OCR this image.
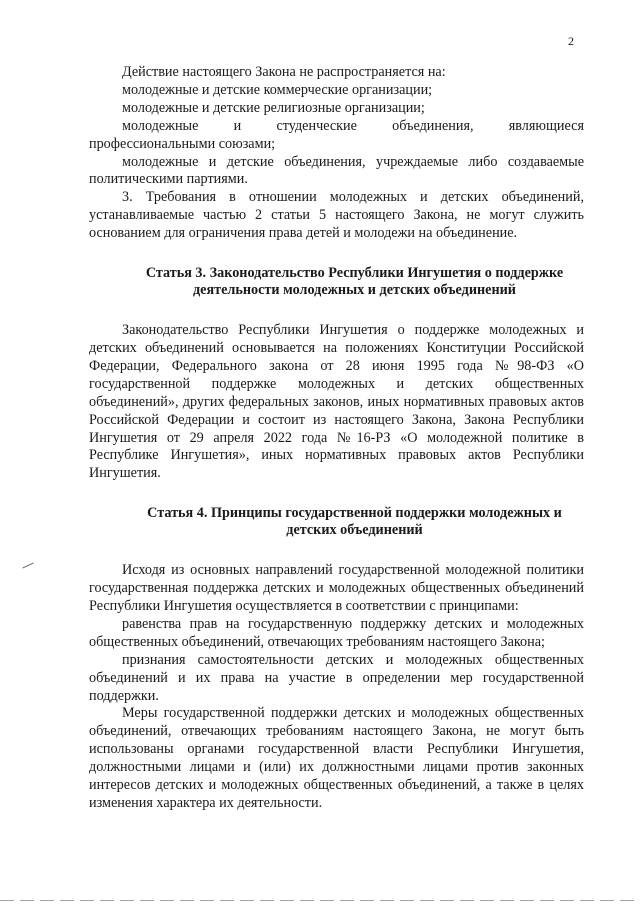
2

Действие настоящего Закона не распространяется на:

молодежные и детские коммерческие организации;

молодежные и детские религиозные организации;

молодежные и студенческие объединения, являющиеся профессиональными союзами;

молодежные и детские объединения, учреждаемые либо создаваемые политическими партиями.

3. Требования в отношении молодежных и детских объединений, устанавливаемые частью 2 статьи 5 настоящего Закона, не могут служить основанием для ограничения права детей и молодежи на объединение.

Статья 3. Законодательство Республики Ингушетия о поддержке деятельности молодежных и детских объединений

Законодательство Республики Ингушетия о поддержке молодежных и детских объединений основывается на положениях Конституции Российской Федерации, Федерального закона от 28 июня 1995 года №98-ФЗ «О государственной поддержке молодежных и детских общественных объединений», других федеральных законов, иных нормативных правовых актов Российской Федерации и состоит из настоящего Закона, Закона Республики Ингушетия от 29 апреля 2022 года №16-РЗ «О молодежной политике в Республике Ингушетия», иных нормативных правовых актов Республики Ингушетия.

Статья 4. Принципы государственной поддержки молодежных и детских объединений

Исходя из основных направлений государственной молодежной политики государственная поддержка детских и молодежных общественных объединений Республики Ингушетия осуществляется в соответствии с принципами:

равенства прав на государственную поддержку детских и молодежных общественных объединений, отвечающих требованиям настоящего Закона;

признания самостоятельности детских и молодежных общественных объединений и их права на участие в определении мер государственной поддержки.

Меры государственной поддержки детских и молодежных общественных объединений, отвечающих требованиям настоящего Закона, не могут быть использованы органами государственной власти Республики Ингушетия, должностными лицами и (или) их должностными лицами против законных интересов детских и молодежных общественных объединений, а также в целях изменения характера их деятельности.
